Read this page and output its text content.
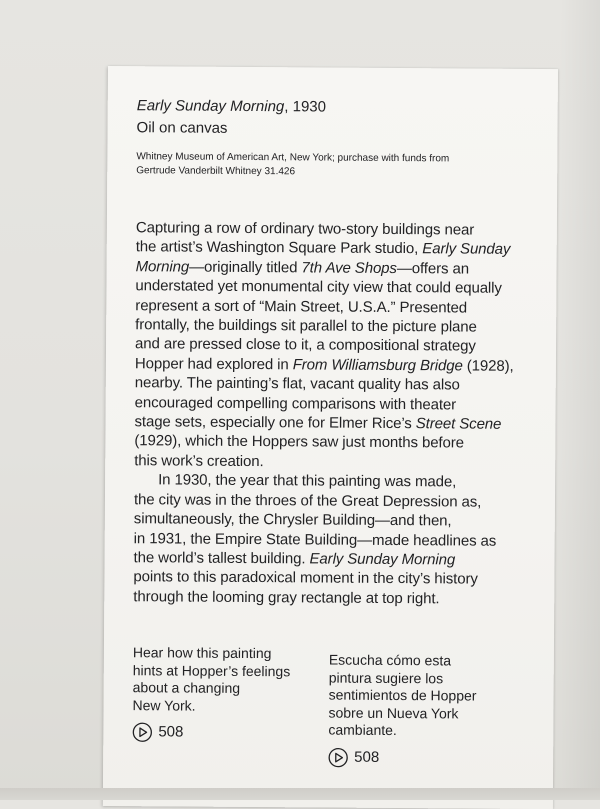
Early Sunday Morning, 1930
Oil on canvas
Whitney Museum of American Art, New York; purchase with funds from
Gertrude Vanderbilt Whitney 31.426
Capturing a row of ordinary two-story buildings near
the artist’s Washington Square Park studio, Early Sunday
Morning—originally titled 7th Ave Shops—offers an
understated yet monumental city view that could equally
represent a sort of “Main Street, U.S.A.” Presented
frontally, the buildings sit parallel to the picture plane
and are pressed close to it, a compositional strategy
Hopper had explored in From Williamsburg Bridge (1928),
nearby. The painting’s flat, vacant quality has also
encouraged compelling comparisons with theater
stage sets, especially one for Elmer Rice’s Street Scene
(1929), which the Hoppers saw just months before
this work’s creation.
In 1930, the year that this painting was made,
the city was in the throes of the Great Depression as,
simultaneously, the Chrysler Building—and then,
in 1931, the Empire State Building—made headlines as
the world’s tallest building. Early Sunday Morning
points to this paradoxical moment in the city’s history
through the looming gray rectangle at top right.
Hear how this painting
hints at Hopper’s feelings
about a changing
New York.
508
Escucha cómo esta
pintura sugiere los
sentimientos de Hopper
sobre un Nueva York
cambiante.
508
